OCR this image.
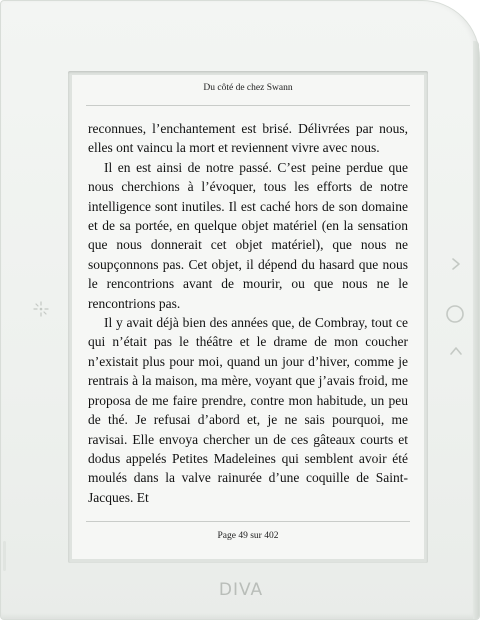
Du côté de chez Swann

reconnues, l’enchantement est brisé. Délivrées par nous, elles ont vaincu la mort et reviennent vivre avec nous.

Il en est ainsi de notre passé. C’est peine perdue que nous cherchions à l’évoquer, tous les efforts de notre intelligence sont inutiles. Il est caché hors de son domaine et de sa portée, en quelque objet matériel (en la sensation que nous donnerait cet objet matériel), que nous ne soupçonnons pas. Cet objet, il dépend du hasard que nous le rencontrions avant de mourir, ou que nous ne le rencontrions pas.

Il y avait déjà bien des années que, de Combray, tout ce qui n’était pas le théâtre et le drame de mon coucher n’existait plus pour moi, quand un jour d’hiver, comme je rentrais à la maison, ma mère, voyant que j’avais froid, me proposa de me faire prendre, contre mon habitude, un peu de thé. Je refusai d’abord et, je ne sais pourquoi, me ravisai. Elle envoya chercher un de ces gâteaux courts et dodus appelés Petites Madeleines qui semblent avoir été moulés dans la valve rainurée d’une coquille de Saint-Jacques. Et

Page 49 sur 402
DIVA
